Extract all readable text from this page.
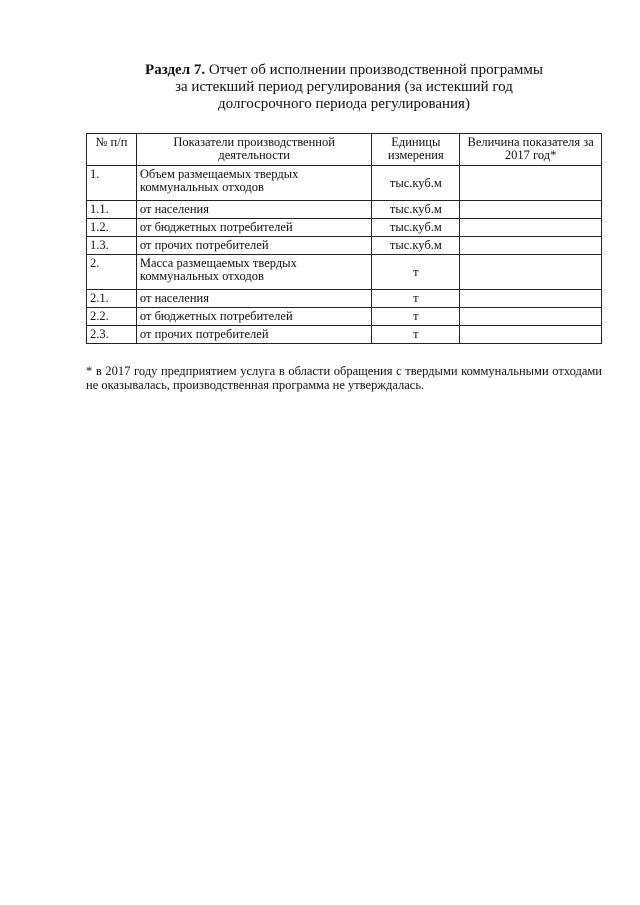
Раздел 7. Отчет об исполнении производственной программы
за истекший период регулирования (за истекший год
долгосрочного периода регулирования)
№ п/п	Показатели производственной деятельности	Единицы измерения	Величина показателя за 2017 год*
1.	Объем размещаемых твердых коммунальных отходов	тыс.куб.м	
1.1.	от населения	тыс.куб.м	
1.2.	от бюджетных потребителей	тыс.куб.м	
1.3.	от прочих потребителей	тыс.куб.м	
2.	Масса размещаемых твердых коммунальных отходов	т	
2.1.	от населения	т	
2.2.	от бюджетных потребителей	т	
2.3.	от прочих потребителей	т	
* в 2017 году предприятием услуга в области обращения с твердыми коммунальными отходами не оказывалась, производственная программа не утверждалась.
